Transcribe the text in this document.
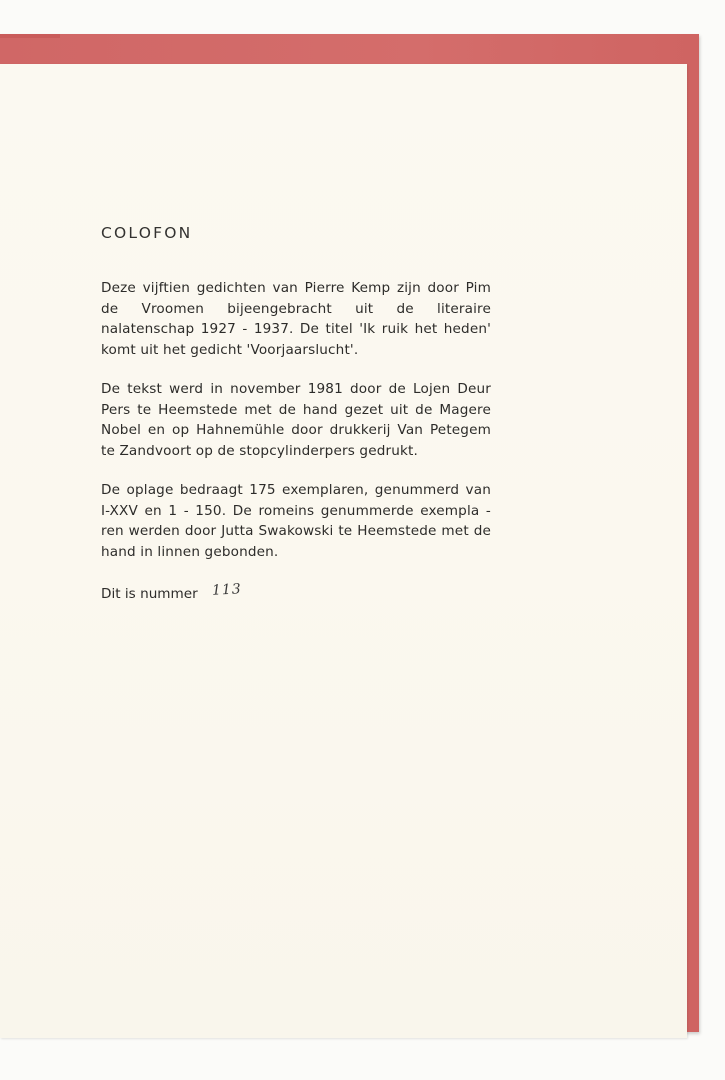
COLOFON

Deze vijftien gedichten van Pierre Kemp zijn door Pim de Vroomen bijeengebracht uit de literaire nalatenschap 1927 - 1937. De titel 'Ik ruik het heden' komt uit het gedicht 'Voorjaarslucht'.

De tekst werd in november 1981 door de Lojen Deur Pers te Heemstede met de hand gezet uit de Magere Nobel en op Hahnemühle door drukkerij Van Petegem te Zandvoort op de stopcylinderpers gedrukt.

De oplage bedraagt 175 exemplaren, genummerd van I-XXV en 1 - 150. De romeins genummerde exempla - ren werden door Jutta Swakowski te Heemstede met de hand in linnen gebonden.

Dit is nummer 113
